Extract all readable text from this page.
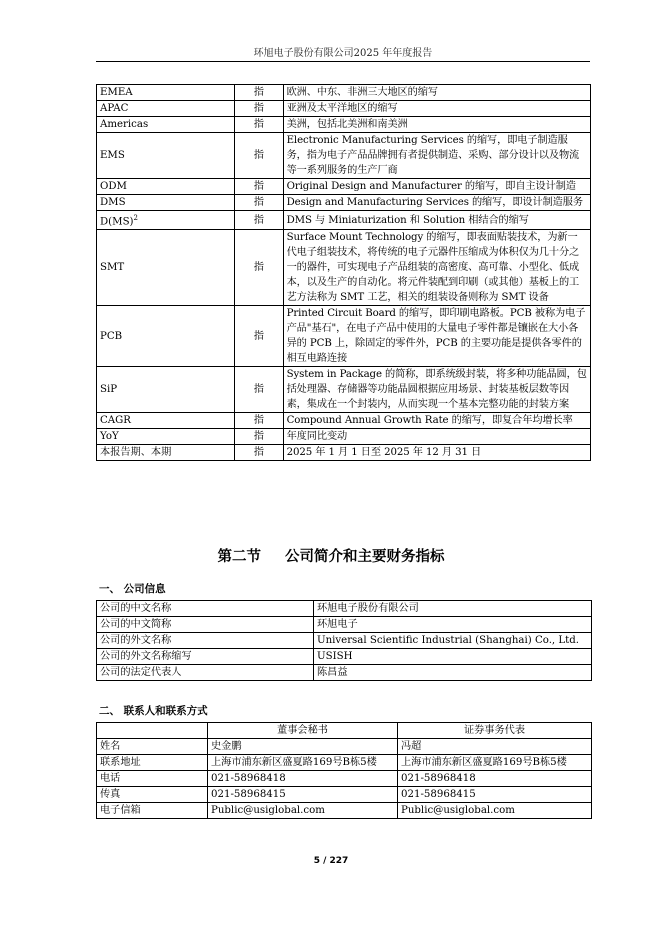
环旭电子股份有限公司2025 年年度报告
EMEA	指	欧洲、中东、非洲三大地区的缩写
APAC	指	亚洲及太平洋地区的缩写
Americas	指	美洲，包括北美洲和南美洲
EMS	指	Electronic Manufacturing Services 的缩写，即电子制造服务，指为电子产品品牌拥有者提供制造、采购、部分设计以及物流等一系列服务的生产厂商
ODM	指	Original Design and Manufacturer 的缩写，即自主设计制造
DMS	指	Design and Manufacturing Services 的缩写，即设计制造服务
D(MS)$^2$	指	DMS 与 Miniaturization 和 Solution 相结合的缩写
SMT	指	Surface Mount Technology 的缩写，即表面贴装技术，为新一代电子组装技术，将传统的电子元器件压缩成为体积仅为几十分之一的器件，可实现电子产品组装的高密度、高可靠、小型化、低成本，以及生产的自动化。将元件装配到印刷（或其他）基板上的工艺方法称为 SMT 工艺，相关的组装设备则称为 SMT 设备
PCB	指	Printed Circuit Board 的缩写，即印刷电路板。PCB 被称为电子产品"基石"，在电子产品中使用的大量电子零件都是镶嵌在大小各异的 PCB 上，除固定的零件外，PCB 的主要功能是提供各零件的相互电路连接
SiP	指	System in Package 的简称，即系统级封装，将多种功能晶圆，包括处理器、存储器等功能晶圆根据应用场景、封装基板层数等因素，集成在一个封装内，从而实现一个基本完整功能的封装方案
CAGR	指	Compound Annual Growth Rate 的缩写，即复合年均增长率
YoY	指	年度同比变动
本报告期、本期	指	2025 年 1 月 1 日至 2025 年 12 月 31 日
第二节 公司简介和主要财务指标
一、 公司信息
公司的中文名称	环旭电子股份有限公司
公司的中文简称	环旭电子
公司的外文名称	Universal Scientific Industrial (Shanghai) Co., Ltd.
公司的外文名称缩写	USISH
公司的法定代表人	陈昌益
二、 联系人和联系方式
	董事会秘书	证券事务代表
姓名	史金鹏	冯超
联系地址	上海市浦东新区盛夏路169号B栋5楼	上海市浦东新区盛夏路169号B栋5楼
电话	021-58968418	021-58968418
传真	021-58968415	021-58968415
电子信箱	Public@usiglobal.com	Public@usiglobal.com
5 / 227
